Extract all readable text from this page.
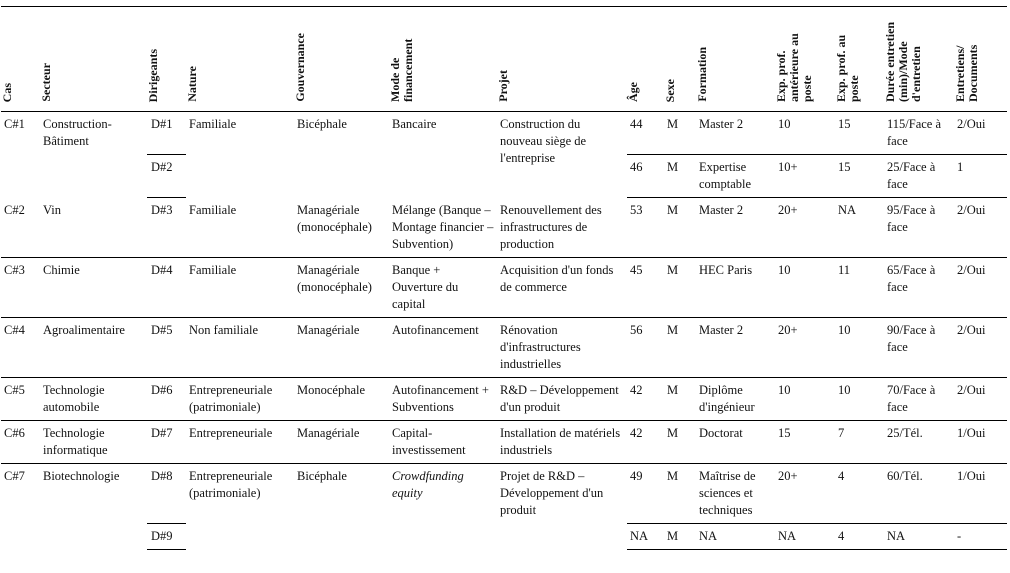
Cas	Secteur	Dirigeants	Nature	Gouvernance	Mode de financement	Projet	Âge	Sexe	Formation	Exp. prof. antérieure au poste	Exp. prof. au poste	Durée entretien (min)/Mode d'entretien	Entretiens/ Documents
C#1	Construction-Bâtiment	D#1	Familiale	Bicéphale	Bancaire	Construction du nouveau siège de l'entreprise	44	M	Master 2	10	15	115/Face à face	2/Oui
		D#2					46	M	Expertise comptable	10+	15	25/Face à face	1
C#2	Vin	D#3	Familiale	Managériale (monocéphale)	Mélange (Banque – Montage financier – Subvention)	Renouvellement des infrastructures de production	53	M	Master 2	20+	NA	95/Face à face	2/Oui
C#3	Chimie	D#4	Familiale	Managériale (monocéphale)	Banque + Ouverture du capital	Acquisition d'un fonds de commerce	45	M	HEC Paris	10	11	65/Face à face	2/Oui
C#4	Agroalimentaire	D#5	Non familiale	Managériale	Autofinancement	Rénovation d'infrastructures industrielles	56	M	Master 2	20+	10	90/Face à face	2/Oui
C#5	Technologie automobile	D#6	Entrepreneuriale (patrimoniale)	Monocéphale	Autofinancement + Subventions	R&D – Développement d'un produit	42	M	Diplôme d'ingénieur	10	10	70/Face à face	2/Oui
C#6	Technologie informatique	D#7	Entrepreneuriale	Managériale	Capital-investissement	Installation de matériels industriels	42	M	Doctorat	15	7	25/Tél.	1/Oui
C#7	Biotechnologie	D#8	Entrepreneuriale (patrimoniale)	Bicéphale	Crowdfunding equity	Projet de R&D – Développement d'un produit	49	M	Maîtrise de sciences et techniques	20+	4	60/Tél.	1/Oui
		D#9					NA	M	NA	NA	4	NA	-
